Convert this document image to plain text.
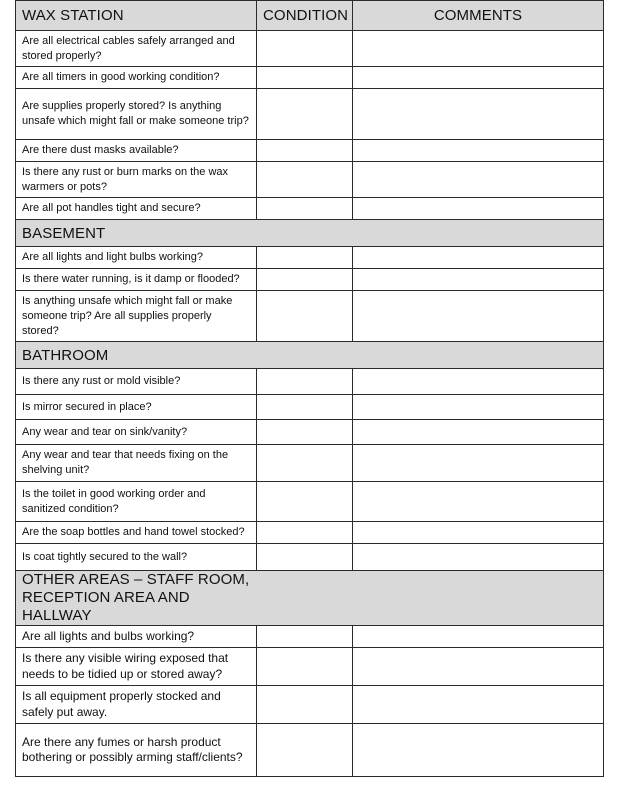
WAX STATION	CONDITION	COMMENTS
Are all electrical cables safely arranged and stored properly?		
Are all timers in good working condition?		
Are supplies properly stored? Is anything unsafe which might fall or make someone trip?		
Are there dust masks available?		
Is there any rust or burn marks on the wax warmers or pots?		
Are all pot handles tight and secure?		
BASEMENT		
Are all lights and light bulbs working?		
Is there water running, is it damp or flooded?		
Is anything unsafe which might fall or make someone trip? Are all supplies properly stored?		
BATHROOM		
Is there any rust or mold visible?		
Is mirror secured in place?		
Any wear and tear on sink/vanity?		
Any wear and tear that needs fixing on the shelving unit?		
Is the toilet in good working order and sanitized condition?		
Are the soap bottles and hand towel stocked?		
Is coat tightly secured to the wall?		

OTHER AREAS – STAFF ROOM, RECEPTION AREA AND HALLWAY		

Are all lights and bulbs working?		
Is there any visible wiring exposed that needs to be tidied up or stored away?		
Is all equipment properly stocked and safely put away.		
Are there any fumes or harsh product bothering or possibly arming staff/clients?		
